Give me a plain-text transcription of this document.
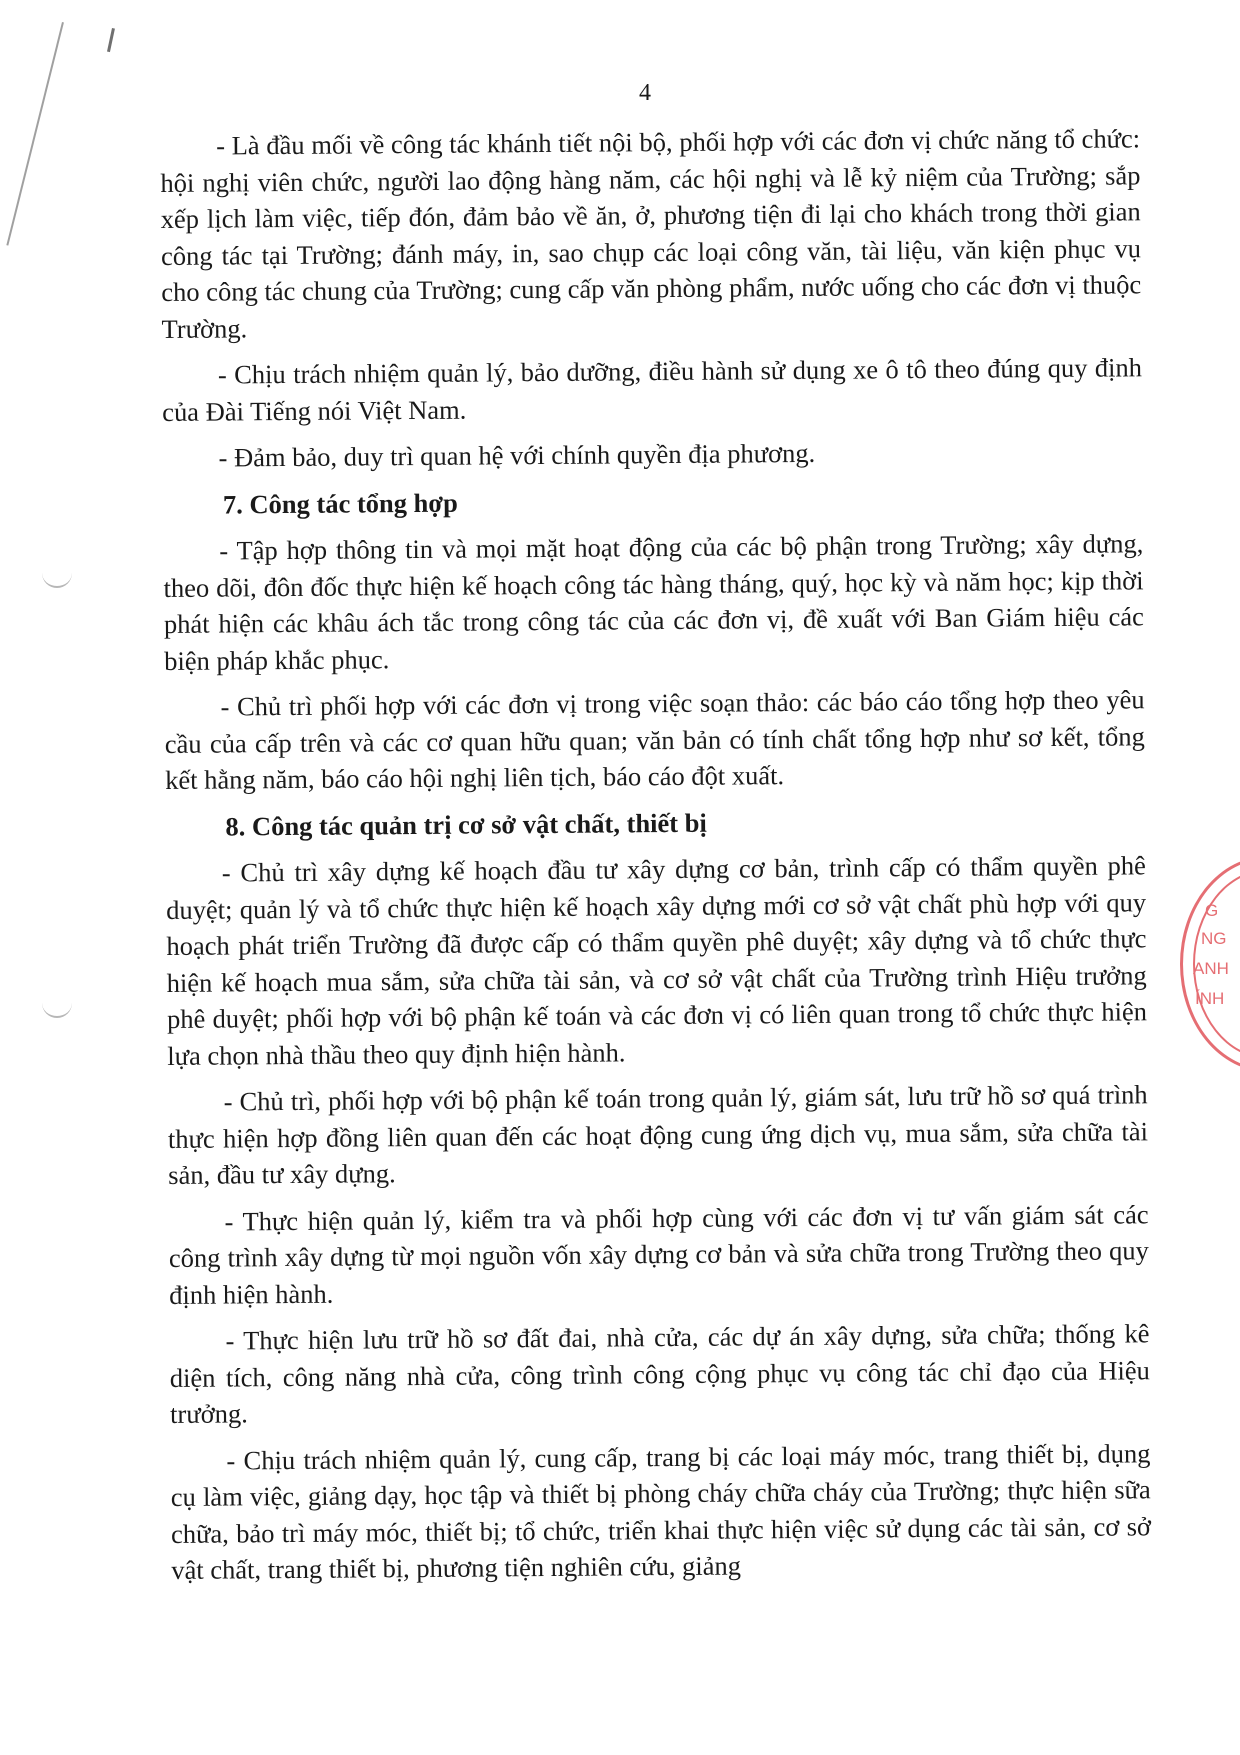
4

- Là đầu mối về công tác khánh tiết nội bộ, phối hợp với các đơn vị chức năng tổ chức: hội nghị viên chức, người lao động hàng năm, các hội nghị và lễ kỷ niệm của Trường; sắp xếp lịch làm việc, tiếp đón, đảm bảo về ăn, ở, phương tiện đi lại cho khách trong thời gian công tác tại Trường; đánh máy, in, sao chụp các loại công văn, tài liệu, văn kiện phục vụ cho công tác chung của Trường; cung cấp văn phòng phẩm, nước uống cho các đơn vị thuộc Trường.

- Chịu trách nhiệm quản lý, bảo dưỡng, điều hành sử dụng xe ô tô theo đúng quy định của Đài Tiếng nói Việt Nam.

- Đảm bảo, duy trì quan hệ với chính quyền địa phương.

7. Công tác tổng hợp

- Tập hợp thông tin và mọi mặt hoạt động của các bộ phận trong Trường; xây dựng, theo dõi, đôn đốc thực hiện kế hoạch công tác hàng tháng, quý, học kỳ và năm học; kịp thời phát hiện các khâu ách tắc trong công tác của các đơn vị, đề xuất với Ban Giám hiệu các biện pháp khắc phục.

- Chủ trì phối hợp với các đơn vị trong việc soạn thảo: các báo cáo tổng hợp theo yêu cầu của cấp trên và các cơ quan hữu quan; văn bản có tính chất tổng hợp như sơ kết, tổng kết hằng năm, báo cáo hội nghị liên tịch, báo cáo đột xuất.

8. Công tác quản trị cơ sở vật chất, thiết bị

- Chủ trì xây dựng kế hoạch đầu tư xây dựng cơ bản, trình cấp có thẩm quyền phê duyệt; quản lý và tổ chức thực hiện kế hoạch xây dựng mới cơ sở vật chất phù hợp với quy hoạch phát triển Trường đã được cấp có thẩm quyền phê duyệt; xây dựng và tổ chức thực hiện kế hoạch mua sắm, sửa chữa tài sản, và cơ sở vật chất của Trường trình Hiệu trưởng phê duyệt; phối hợp với bộ phận kế toán và các đơn vị có liên quan trong tổ chức thực hiện lựa chọn nhà thầu theo quy định hiện hành.

- Chủ trì, phối hợp với bộ phận kế toán trong quản lý, giám sát, lưu trữ hồ sơ quá trình thực hiện hợp đồng liên quan đến các hoạt động cung ứng dịch vụ, mua sắm, sửa chữa tài sản, đầu tư xây dựng.

- Thực hiện quản lý, kiểm tra và phối hợp cùng với các đơn vị tư vấn giám sát các công trình xây dựng từ mọi nguồn vốn xây dựng cơ bản và sửa chữa trong Trường theo quy định hiện hành.

- Thực hiện lưu trữ hồ sơ đất đai, nhà cửa, các dự án xây dựng, sửa chữa; thống kê diện tích, công năng nhà cửa, công trình công cộng phục vụ công tác chỉ đạo của Hiệu trưởng.

- Chịu trách nhiệm quản lý, cung cấp, trang bị các loại máy móc, trang thiết bị, dụng cụ làm việc, giảng dạy, học tập và thiết bị phòng cháy chữa cháy của Trường; thực hiện sữa chữa, bảo trì máy móc, thiết bị; tổ chức, triển khai thực hiện việc sử dụng các tài sản, cơ sở vật chất, trang thiết bị, phương tiện nghiên cứu, giảng

G
NG
ANH
ÍNH
